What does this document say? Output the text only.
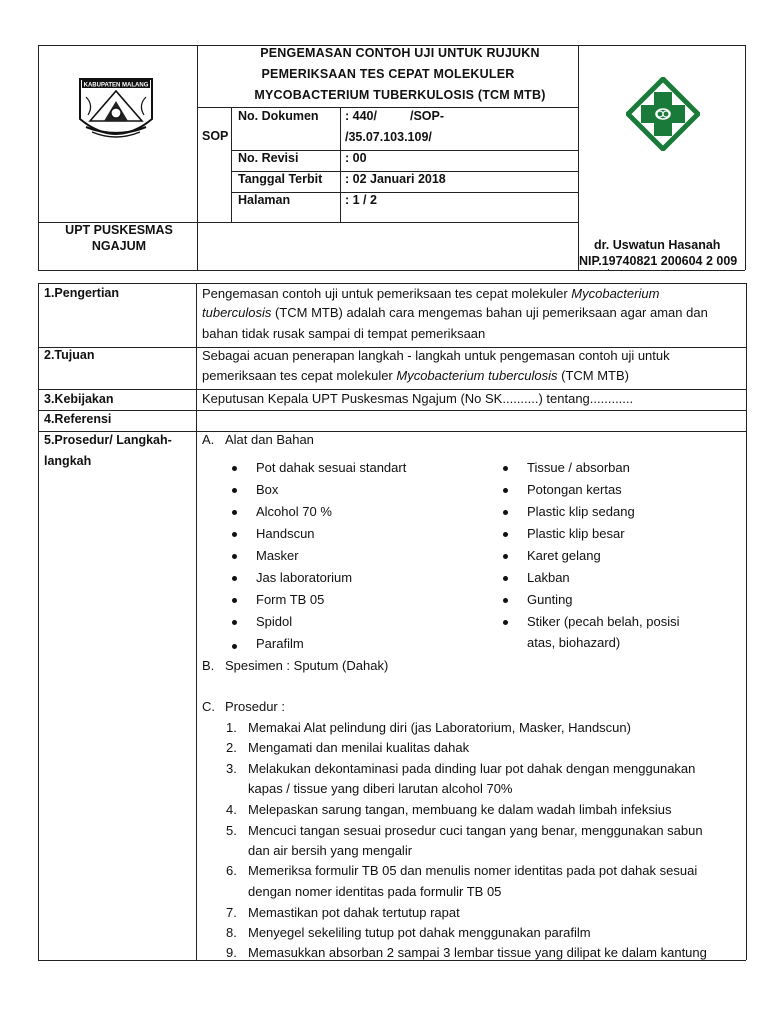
KABUPATEN MALANG
PENGEMASAN CONTOH UJI UNTUK RUJUKN
PEMERIKSAAN TES CEPAT MOLEKULER
MYCOBACTERIUM TUBERKULOSIS (TCM MTB)
SOP
No. Dokumen : 440/	/SOP-
/35.07.103.109/
No. Revisi	: 00
Tanggal Terbit : 02 Januari 2018
Halaman	: 1 / 2
UPT PUSKESMAS
NGAJUM	dr. Uswatun Hasanah
NIP.19740821 200604 2 009
1.Pengertian	Pengemasan contoh uji untuk pemeriksaan tes cepat molekuler Mycobacterium
tuberculosis (TCM MTB) adalah cara mengemas bahan uji pemeriksaan agar aman dan
bahan tidak rusak sampai di tempat pemeriksaan
2.Tujuan	Sebagai acuan penerapan langkah - langkah untuk pengemasan contoh uji untuk
pemeriksaan tes cepat molekuler Mycobacterium tuberculosis (TCM MTB)
3.Kebijakan	Keputusan Kepala UPT Puskesmas Ngajum (No SK..........) tentang............
4.Referensi
5.Prosedur/ Langkah-
langkah
A. Alat dan Bahan
Pot dahak sesuai standart
Box
Alcohol 70 %
Handscun
Masker
Jas laboratorium
Form TB 05
Spidol
Parafilm
Tissue / absorban
Potongan kertas
Plastic klip sedang
Plastic klip besar
Karet gelang
Lakban
Gunting
Stiker (pecah belah, posisi
atas, biohazard)
B. Spesimen : Sputum (Dahak)
C. Prosedur :
1. Memakai Alat pelindung diri (jas Laboratorium, Masker, Handscun)
2. Mengamati dan menilai kualitas dahak
3. Melakukan dekontaminasi pada dinding luar pot dahak dengan menggunakan
kapas / tissue yang diberi larutan alcohol 70%
4. Melepaskan sarung tangan, membuang ke dalam wadah limbah infeksius
5. Mencuci tangan sesuai prosedur cuci tangan yang benar, menggunakan sabun
dan air bersih yang mengalir
6. Memeriksa formulir TB 05 dan menulis nomer identitas pada pot dahak sesuai
dengan nomer identitas pada formulir TB 05
7. Memastikan pot dahak tertutup rapat
8. Menyegel sekeliling tutup pot dahak menggunakan parafilm
9. Memasukkan absorban 2 sampai 3 lembar tissue yang dilipat ke dalam kantung
